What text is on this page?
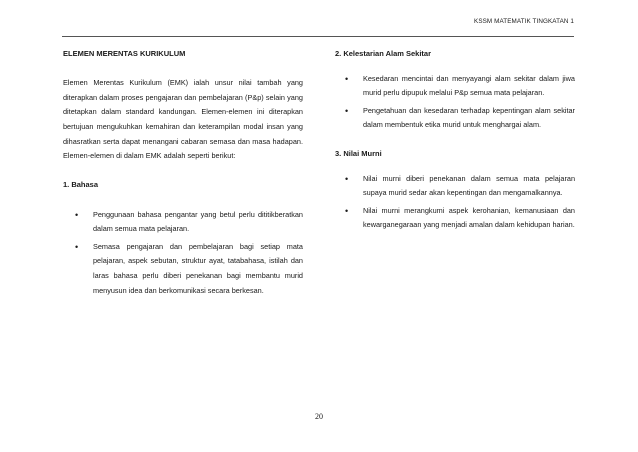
KSSM MATEMATIK TINGKATAN 1

ELEMEN MERENTAS KURIKULUM

Elemen Merentas Kurikulum (EMK) ialah unsur nilai tambah yang diterapkan dalam proses pengajaran dan pembelajaran (P&p) selain yang ditetapkan dalam standard kandungan. Elemen-elemen ini diterapkan bertujuan mengukuhkan kemahiran dan keterampilan modal insan yang dihasratkan serta dapat menangani cabaran semasa dan masa hadapan. Elemen-elemen di dalam EMK adalah seperti berikut:

1. Bahasa

• Penggunaan bahasa pengantar yang betul perlu dititikberatkan dalam semua mata pelajaran.
• Semasa pengajaran dan pembelajaran bagi setiap mata pelajaran, aspek sebutan, struktur ayat, tatabahasa, istilah dan laras bahasa perlu diberi penekanan bagi membantu murid menyusun idea dan berkomunikasi secara berkesan.

2. Kelestarian Alam Sekitar

• Kesedaran mencintai dan menyayangi alam sekitar dalam jiwa murid perlu dipupuk melalui P&p semua mata pelajaran.
• Pengetahuan dan kesedaran terhadap kepentingan alam sekitar dalam membentuk etika murid untuk menghargai alam.

3. Nilai Murni

• Nilai murni diberi penekanan dalam semua mata pelajaran supaya murid sedar akan kepentingan dan mengamalkannya.
• Nilai murni merangkumi aspek kerohanian, kemanusiaan dan kewarganegaraan yang menjadi amalan dalam kehidupan harian.
20
